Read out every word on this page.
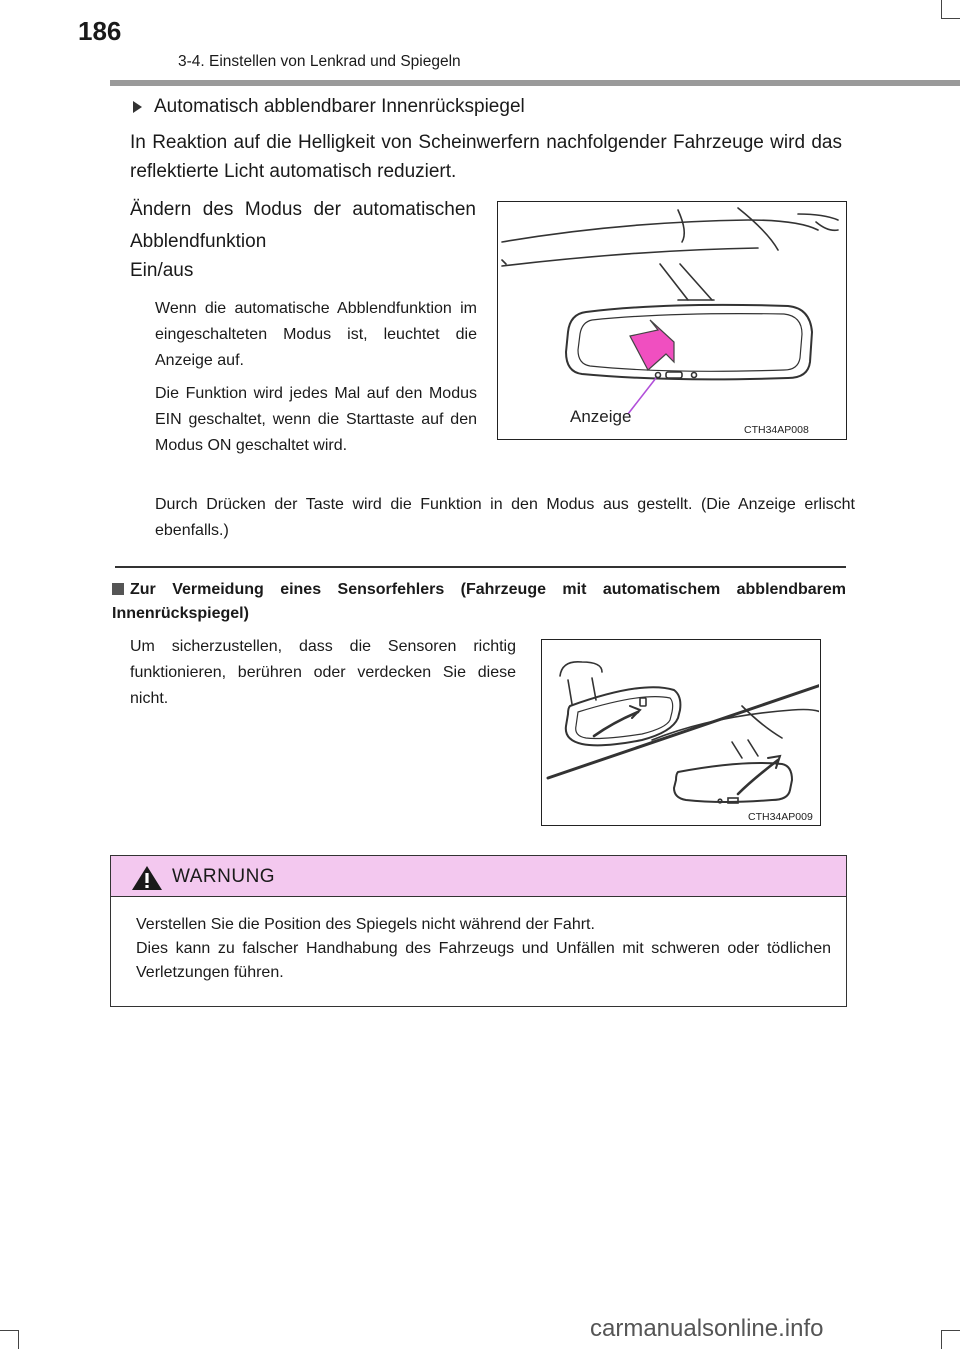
186
3-4. Einstellen von Lenkrad und Spiegeln
Automatisch abblendbarer Innenrückspiegel
In Reaktion auf die Helligkeit von Scheinwerfern nachfolgender Fahrzeuge wird das reflektierte Licht automatisch reduziert.
Ändern des Modus der automatischen Abblendfunktion
Ein/aus
Wenn die automatische Abblendfunktion im eingeschalteten Modus ist, leuchtet die Anzeige auf.
Die Funktion wird jedes Mal auf den Modus EIN geschaltet, wenn die Starttaste auf den Modus ON geschaltet wird.
Durch Drücken der Taste wird die Funktion in den Modus aus gestellt. (Die Anzeige erlischt ebenfalls.)
Anzeige
CTH34AP008
Zur Vermeidung eines Sensorfehlers (Fahrzeuge mit automatischem abblendbarem Innenrückspiegel)
Um sicherzustellen, dass die Sensoren richtig funktionieren, berühren oder verdecken Sie diese nicht.
CTH34AP009
WARNUNG
Verstellen Sie die Position des Spiegels nicht während der Fahrt.
Dies kann zu falscher Handhabung des Fahrzeugs und Unfällen mit schweren oder tödlichen Verletzungen führen.
carmanualsonline.info
